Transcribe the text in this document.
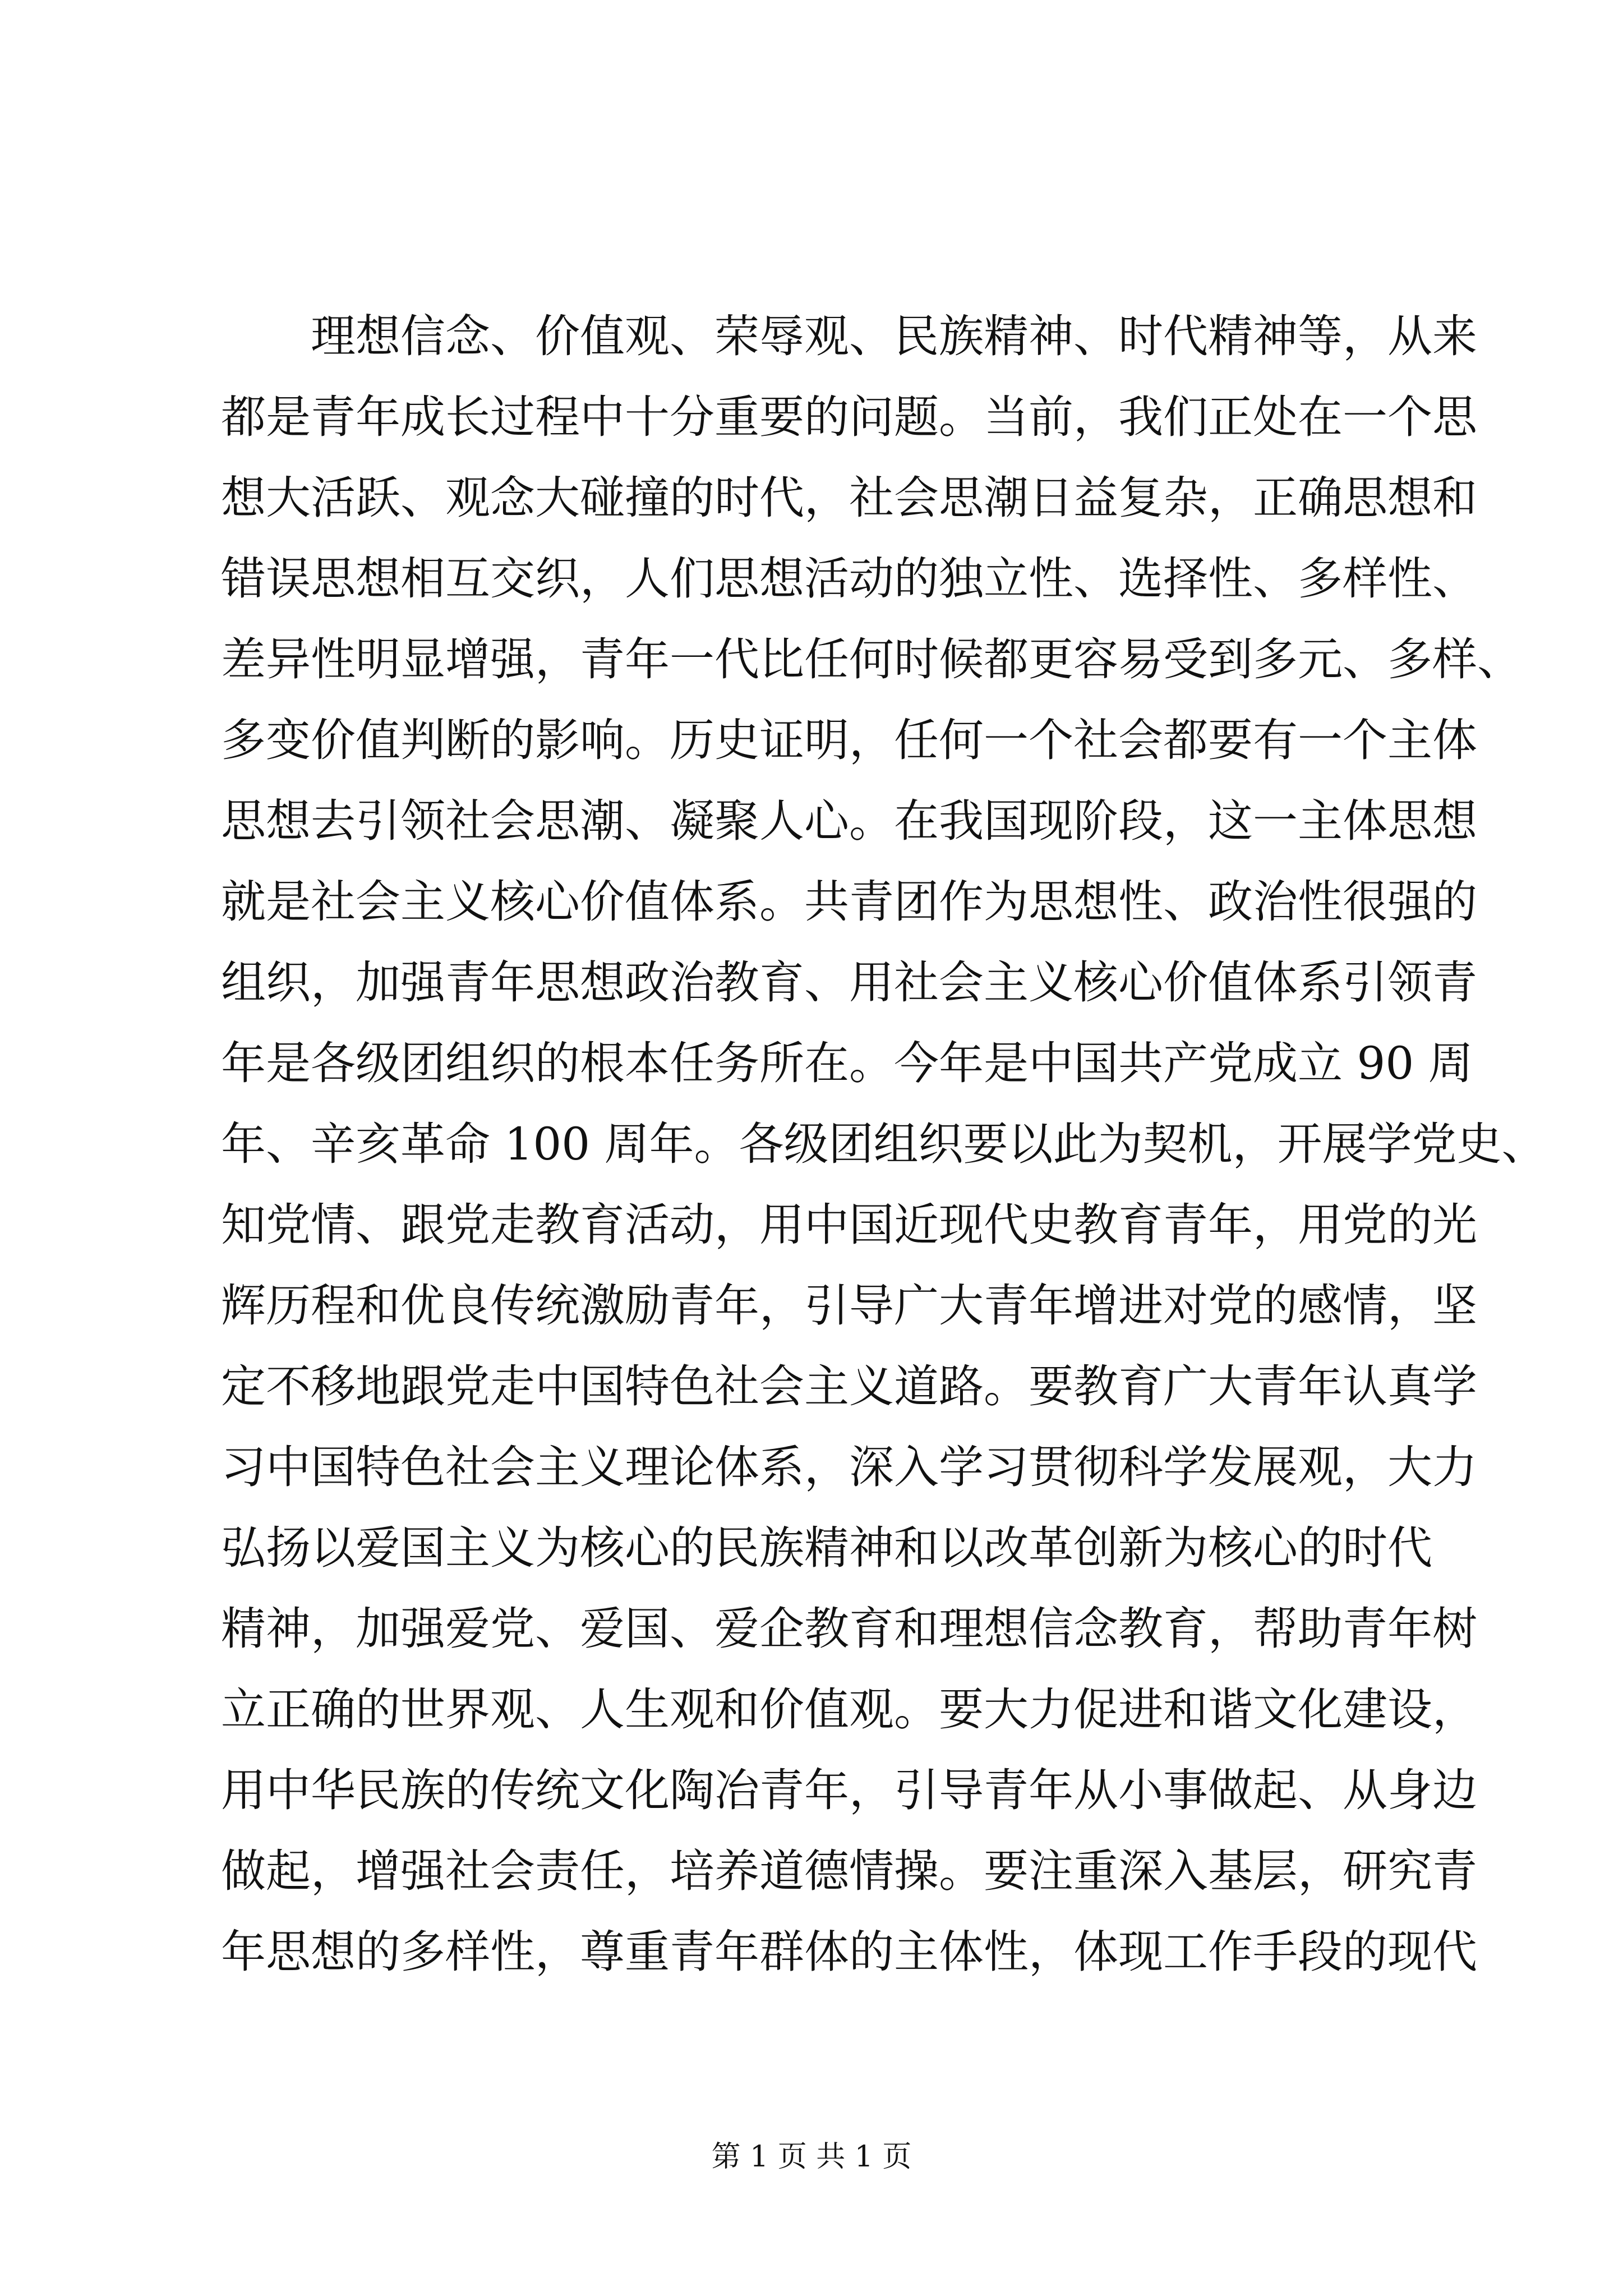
理想信念、价值观、荣辱观、民族精神、时代精神等，从来
都是青年成长过程中十分重要的问题。当前，我们正处在一个思
想大活跃、观念大碰撞的时代，社会思潮日益复杂，正确思想和
错误思想相互交织，人们思想活动的独立性、选择性、多样性、
差异性明显增强，青年一代比任何时候都更容易受到多元、多样、
多变价值判断的影响。历史证明，任何一个社会都要有一个主体
思想去引领社会思潮、凝聚人心。在我国现阶段，这一主体思想
就是社会主义核心价值体系。共青团作为思想性、政治性很强的
组织，加强青年思想政治教育、用社会主义核心价值体系引领青
年是各级团组织的根本任务所在。今年是中国共产党成立 90 周
年、辛亥革命 100 周年。各级团组织要以此为契机，开展学党史、
知党情、跟党走教育活动，用中国近现代史教育青年，用党的光
辉历程和优良传统激励青年，引导广大青年增进对党的感情，坚
定不移地跟党走中国特色社会主义道路。要教育广大青年认真学
习中国特色社会主义理论体系，深入学习贯彻科学发展观，大力
弘扬以爱国主义为核心的民族精神和以改革创新为核心的时代
精神，加强爱党、爱国、爱企教育和理想信念教育，帮助青年树
立正确的世界观、人生观和价值观。要大力促进和谐文化建设，
用中华民族的传统文化陶冶青年，引导青年从小事做起、从身边
做起，增强社会责任，培养道德情操。要注重深入基层，研究青
年思想的多样性，尊重青年群体的主体性，体现工作手段的现代
第 1 页 共 1 页
